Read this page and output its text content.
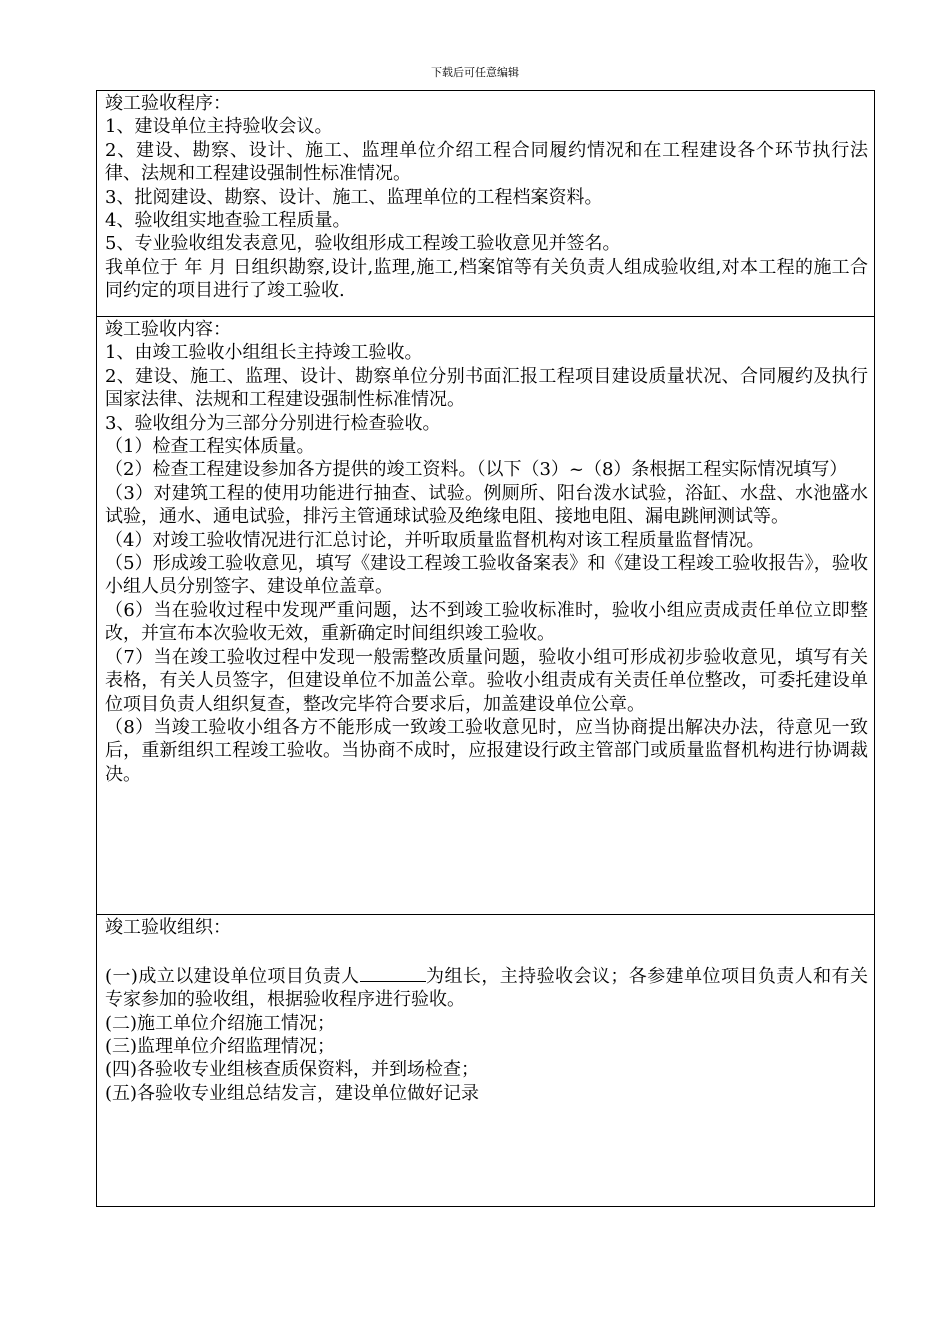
下载后可任意编辑

竣工验收程序：

1、建设单位主持验收会议。

2、建设、勘察、设计、施工、监理单位介绍工程合同履约情况和在工程建设各个环节执行法律、法规和工程建设强制性标准情况。

3、批阅建设、勘察、设计、施工、监理单位的工程档案资料。

4、验收组实地查验工程质量。

5、专业验收组发表意见，验收组形成工程竣工验收意见并签名。

我单位于 年 月 日组织勘察,设计,监理,施工,档案馆等有关负责人组成验收组,对本工程的施工合同约定的项目进行了竣工验收.

竣工验收内容：

1、由竣工验收小组组长主持竣工验收。

2、建设、施工、监理、设计、勘察单位分别书面汇报工程项目建设质量状况、合同履约及执行国家法律、法规和工程建设强制性标准情况。

3、验收组分为三部分分别进行检查验收。

（1）检查工程实体质量。

（2）检查工程建设参加各方提供的竣工资料。（以下（3）~（8）条根据工程实际情况填写）

（3）对建筑工程的使用功能进行抽查、试验。例厕所、阳台泼水试验，浴缸、水盘、水池盛水试验，通水、通电试验，排污主管通球试验及绝缘电阻、接地电阻、漏电跳闸测试等。

（4）对竣工验收情况进行汇总讨论，并听取质量监督机构对该工程质量监督情况。

（5）形成竣工验收意见，填写《建设工程竣工验收备案表》和《建设工程竣工验收报告》，验收小组人员分别签字、建设单位盖章。

（6）当在验收过程中发现严重问题，达不到竣工验收标准时，验收小组应责成责任单位立即整改，并宣布本次验收无效，重新确定时间组织竣工验收。

（7）当在竣工验收过程中发现一般需整改质量问题，验收小组可形成初步验收意见，填写有关表格，有关人员签字，但建设单位不加盖公章。验收小组责成有关责任单位整改，可委托建设单位项目负责人组织复查，整改完毕符合要求后，加盖建设单位公章。

（8）当竣工验收小组各方不能形成一致竣工验收意见时，应当协商提出解决办法，待意见一致后，重新组织工程竣工验收。当协商不成时，应报建设行政主管部门或质量监督机构进行协调裁决。

竣工验收组织：

(一)成立以建设单位项目负责人	为组长，主持验收会议；各参建单位项目负责人和有关专家参加的验收组，根据验收程序进行验收。

(二)施工单位介绍施工情况；

(三)监理单位介绍监理情况；

(四)各验收专业组核查质保资料，并到场检查；

(五)各验收专业组总结发言，建设单位做好记录
